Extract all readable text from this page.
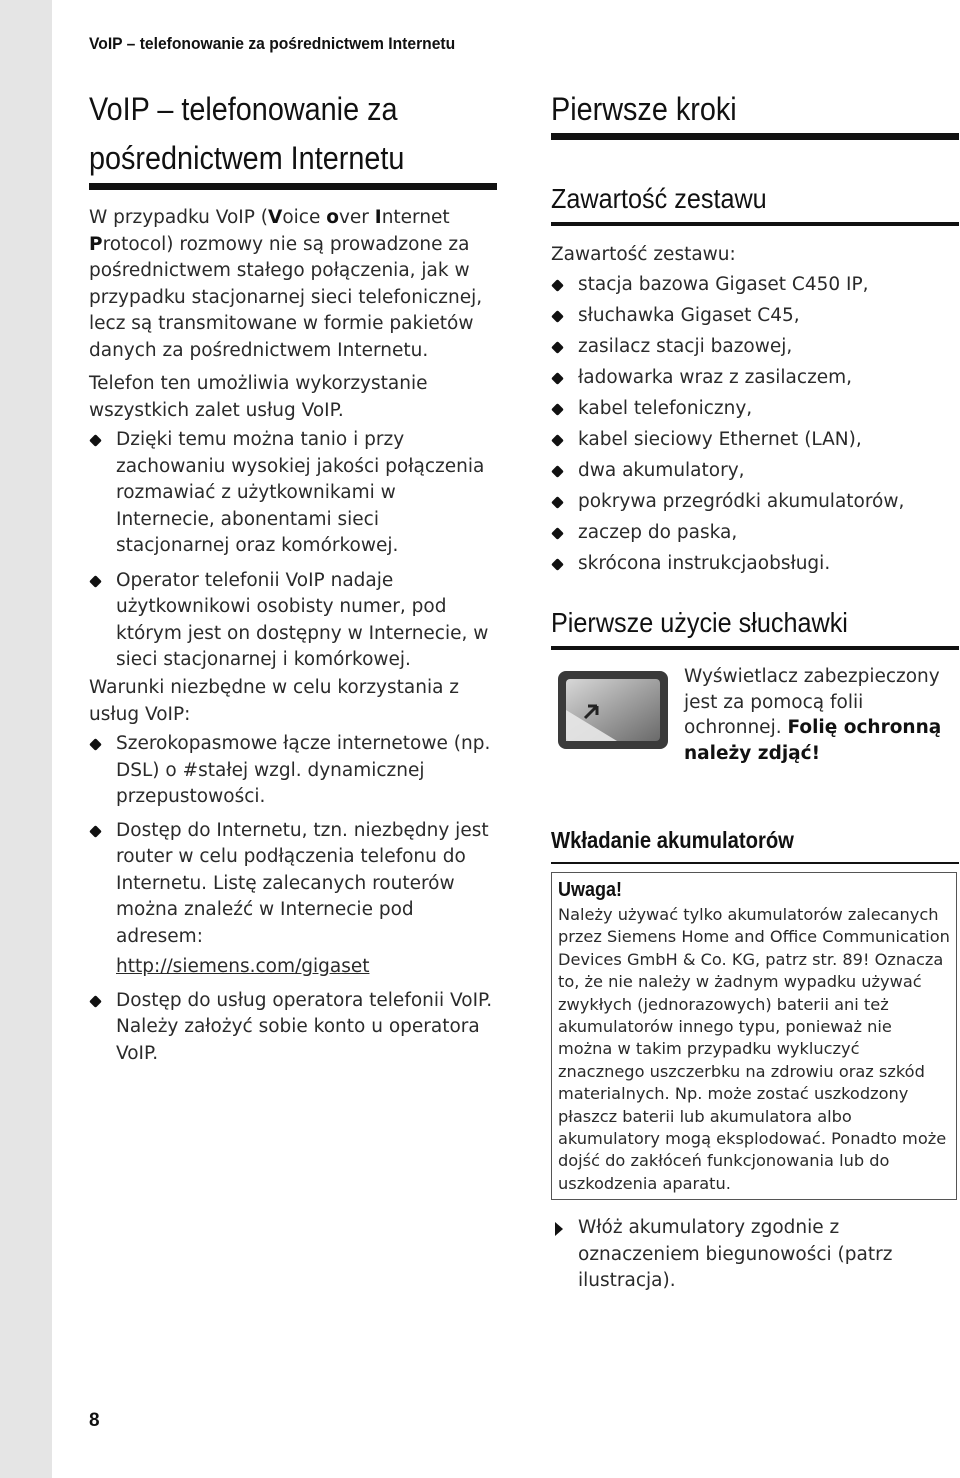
VoIP – telefonowanie za pośrednictwem Internetu
VoIP – telefonowanie za
pośrednictwem Internetu
W przypadku VoIP (Voice over Internet Protocol) rozmowy nie są prowadzone za pośrednictwem stałego połączenia, jak w przypadku stacjonarnej sieci telefonicznej, lecz są transmitowane w formie pakietów danych za pośrednictwem Internetu.
Telefon ten umożliwia wykorzystanie wszystkich zalet usług VoIP.
Dzięki temu można tanio i przy zachowaniu wysokiej jakości połączenia rozmawiać z użytkownikami w Internecie, abonentami sieci stacjonarnej oraz komórkowej.
Operator telefonii VoIP nadaje użytkownikowi osobisty numer, pod którym jest on dostępny w Internecie, w sieci stacjonarnej i komórkowej.
Warunki niezbędne w celu korzystania z usług VoIP:
Szerokopasmowe łącze internetowe (np. DSL) o #stałej wzgl. dynamicznej przepustowości.
Dostęp do Internetu, tzn. niezbędny jest router w celu podłączenia telefonu do Internetu. Listę zalecanych routerów można znaleźć w Internecie pod adresem:
http://siemens.com/gigaset
Dostęp do usług operatora telefonii VoIP. Należy założyć sobie konto u operatora VoIP.
Pierwsze kroki
Zawartość zestawu
Zawartość zestawu:
stacja bazowa Gigaset C450 IP,
słuchawka Gigaset C45,
zasilacz stacji bazowej,
ładowarka wraz z zasilaczem,
kabel telefoniczny,
kabel sieciowy Ethernet (LAN),
dwa akumulatory,
pokrywa przegródki akumulatorów,
zaczep do paska,
skrócona instrukcjaobsługi.
Pierwsze użycie słuchawki
Wyświetlacz zabezpieczony jest za pomocą folii ochronnej. Folię ochronną należy zdjąć!
Wkładanie akumulatorów
Uwaga!
Należy używać tylko akumulatorów zalecanych przez Siemens Home and Office Communication Devices GmbH & Co. KG, patrz str. 89! Oznacza to, że nie należy w żadnym wypadku używać zwykłych (jednorazowych) baterii ani też akumulatorów innego typu, ponieważ nie można w takim przypadku wykluczyć znacznego uszczerbku na zdrowiu oraz szkód materialnych. Np. może zostać uszkodzony płaszcz baterii lub akumulatora albo akumulatory mogą eksplodować. Ponadto może dojść do zakłóceń funkcjonowania lub do uszkodzenia aparatu.
Włóż akumulatory zgodnie z oznaczeniem biegunowości (patrz ilustracja).
8
